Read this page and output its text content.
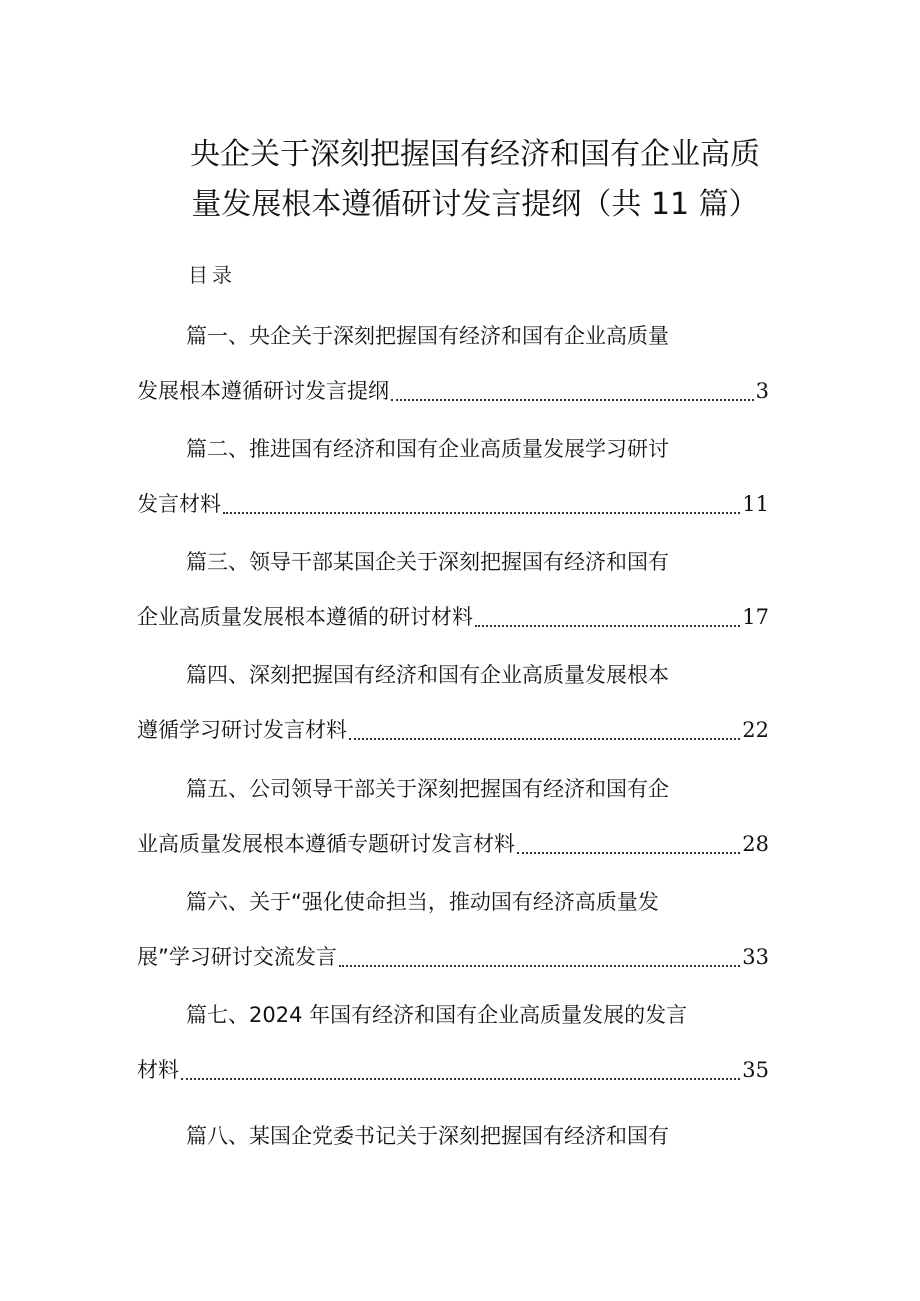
央企关于深刻把握国有经济和国有企业高质
量发展根本遵循研讨发言提纲（共 11 篇）
目录
篇一、央企关于深刻把握国有经济和国有企业高质量
发展根本遵循研讨发言提纲	3
篇二、推进国有经济和国有企业高质量发展学习研讨
发言材料	11
篇三、领导干部某国企关于深刻把握国有经济和国有
企业高质量发展根本遵循的研讨材料	17
篇四、深刻把握国有经济和国有企业高质量发展根本
遵循学习研讨发言材料	22
篇五、公司领导干部关于深刻把握国有经济和国有企
业高质量发展根本遵循专题研讨发言材料	28
篇六、关于“强化使命担当，推动国有经济高质量发
展”学习研讨交流发言	33
篇七、2024 年国有经济和国有企业高质量发展的发言
材料	35
篇八、某国企党委书记关于深刻把握国有经济和国有
